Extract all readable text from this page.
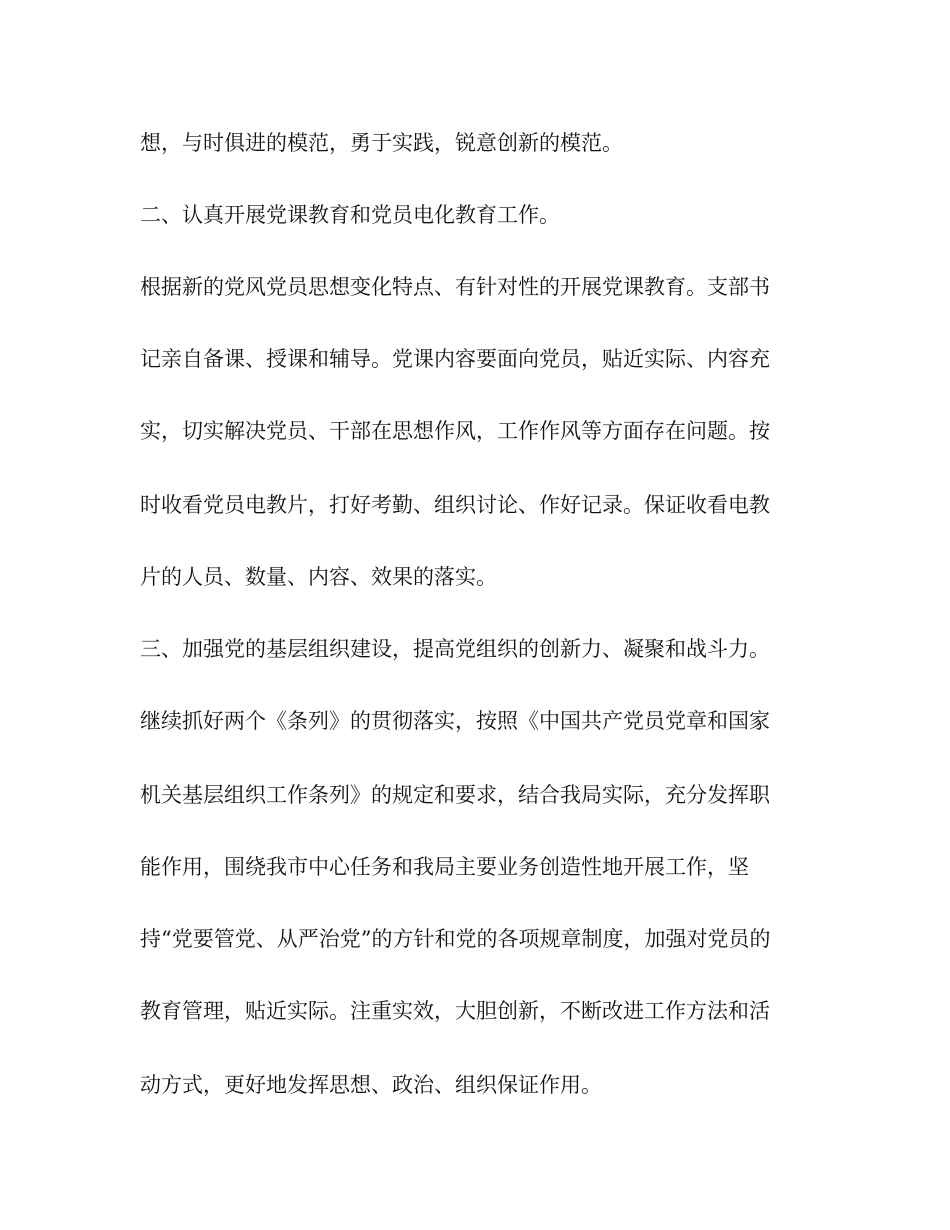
想，与时俱进的模范，勇于实践，锐意创新的模范。

二、认真开展党课教育和党员电化教育工作。

根据新的党风党员思想变化特点、有针对性的开展党课教育。支部书

记亲自备课、授课和辅导。党课内容要面向党员，贴近实际、内容充

实，切实解决党员、干部在思想作风，工作作风等方面存在问题。按

时收看党员电教片，打好考勤、组织讨论、作好记录。保证收看电教

片的人员、数量、内容、效果的落实。

三、加强党的基层组织建设，提高党组织的创新力、凝聚和战斗力。

继续抓好两个《条列》的贯彻落实，按照《中国共产党员党章和国家

机关基层组织工作条列》的规定和要求，结合我局实际，充分发挥职

能作用，围绕我市中心任务和我局主要业务创造性地开展工作，坚

持“党要管党、从严治党”的方针和党的各项规章制度，加强对党员的

教育管理，贴近实际。注重实效，大胆创新，不断改进工作方法和活

动方式，更好地发挥思想、政治、组织保证作用。
